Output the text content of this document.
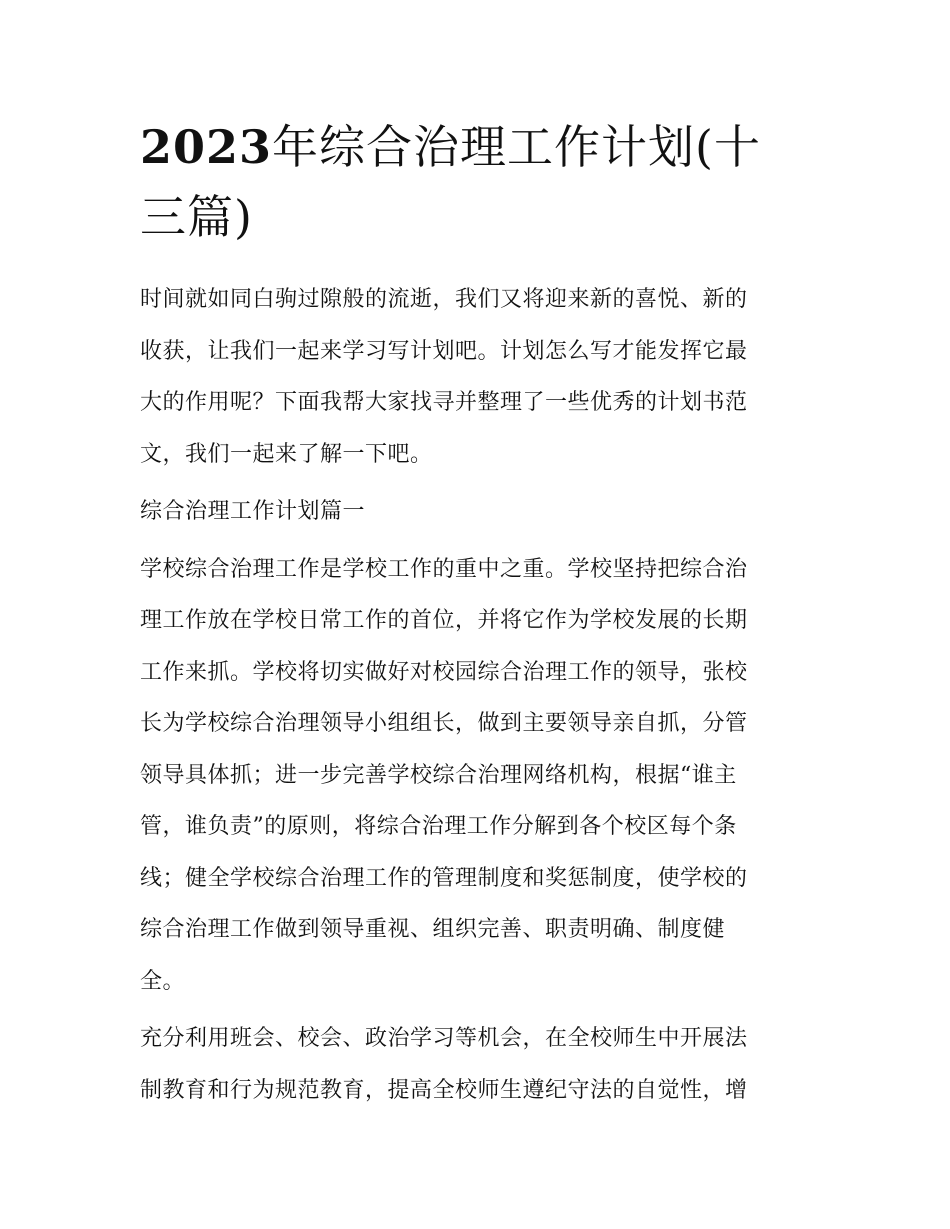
2023年综合治理工作计划(十
三篇)

时间就如同白驹过隙般的流逝，我们又将迎来新的喜悦、新的
收获，让我们一起来学习写计划吧。计划怎么写才能发挥它最
大的作用呢？下面我帮大家找寻并整理了一些优秀的计划书范
文，我们一起来了解一下吧。

综合治理工作计划篇一

学校综合治理工作是学校工作的重中之重。学校坚持把综合治
理工作放在学校日常工作的首位，并将它作为学校发展的长期
工作来抓。学校将切实做好对校园综合治理工作的领导，张校
长为学校综合治理领导小组组长，做到主要领导亲自抓，分管
领导具体抓；进一步完善学校综合治理网络机构，根据“谁主
管，谁负责”的原则，将综合治理工作分解到各个校区每个条
线；健全学校综合治理工作的管理制度和奖惩制度，使学校的
综合治理工作做到领导重视、组织完善、职责明确、制度健
全。

充分利用班会、校会、政治学习等机会，在全校师生中开展法
制教育和行为规范教育，提高全校师生遵纪守法的自觉性，增
